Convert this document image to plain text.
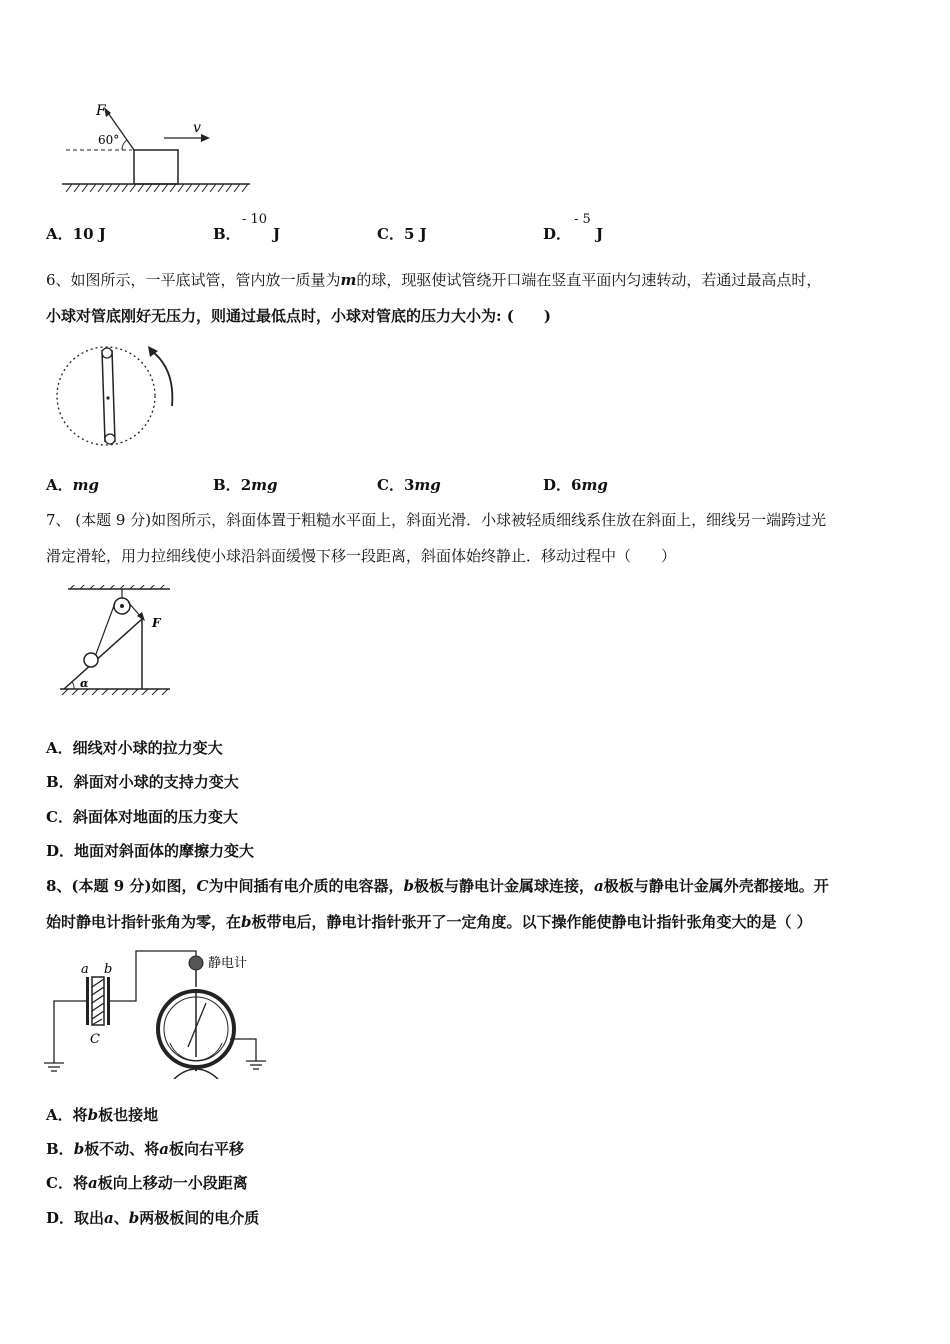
F
60°
v
A．10 J	B．
- 10
J	C．5 J	D．
- 5
J
6、如图所示，一平底试管，管内放一质量为m的球，现驱使试管绕开口端在竖直平面内匀速转动，若通过最高点时，
小球对管底刚好无压力，则通过最低点时，小球对管底的压力大小为: (　　)
A．mg	B．2mg	C．3mg	D．6mg
7、 (本题 9 分)如图所示，斜面体置于粗糙水平面上，斜面光滑．小球被轻质细线系住放在斜面上，细线另一端跨过光
滑定滑轮，用力拉细线使小球沿斜面缓慢下移一段距离，斜面体始终静止．移动过程中（　　）
α
F
A．细线对小球的拉力变大
B．斜面对小球的支持力变大
C．斜面体对地面的压力变大
D．地面对斜面体的摩擦力变大
8、(本题 9 分)如图，C为中间插有电介质的电容器，b极板与静电计金属球连接，a极板与静电计金属外壳都接地。开
始时静电计指针张角为零，在b板带电后，静电计指针张开了一定角度。以下操作能使静电计指针张角变大的是（ ）
a b
C
静电计
A．将b板也接地
B．b板不动、将a板向右平移
C．将a板向上移动一小段距离
D．取出a、b两极板间的电介质
